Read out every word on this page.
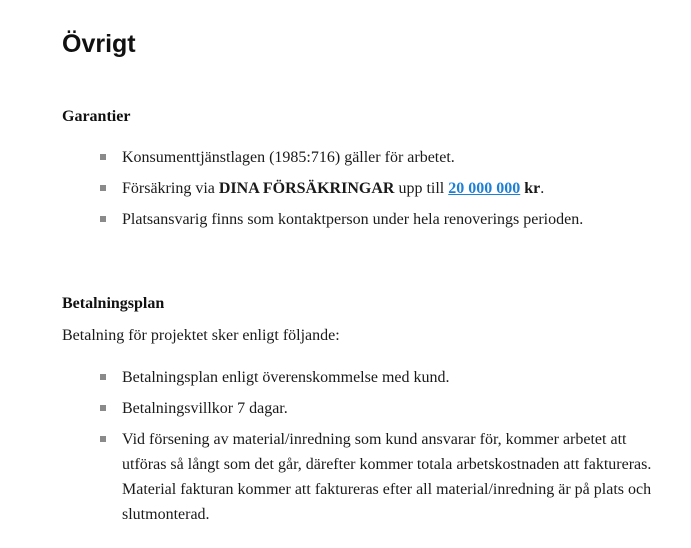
Övrigt
Garantier
Konsumenttjänstlagen (1985:716) gäller för arbetet.
Försäkring via DINA FÖRSÄKRINGAR upp till 20 000 000 kr.
Platsansvarig finns som kontaktperson under hela renoverings perioden.
Betalningsplan

Betalning för projektet sker enligt följande:

Betalningsplan enligt överenskommelse med kund.
Betalningsvillkor 7 dagar.
Vid försening av material/inredning som kund ansvarar för, kommer arbetet att utföras så långt som det går, därefter kommer totala arbetskostnaden att faktureras. Material fakturan kommer att faktureras efter all material/inredning är på plats och slutmonterad.
